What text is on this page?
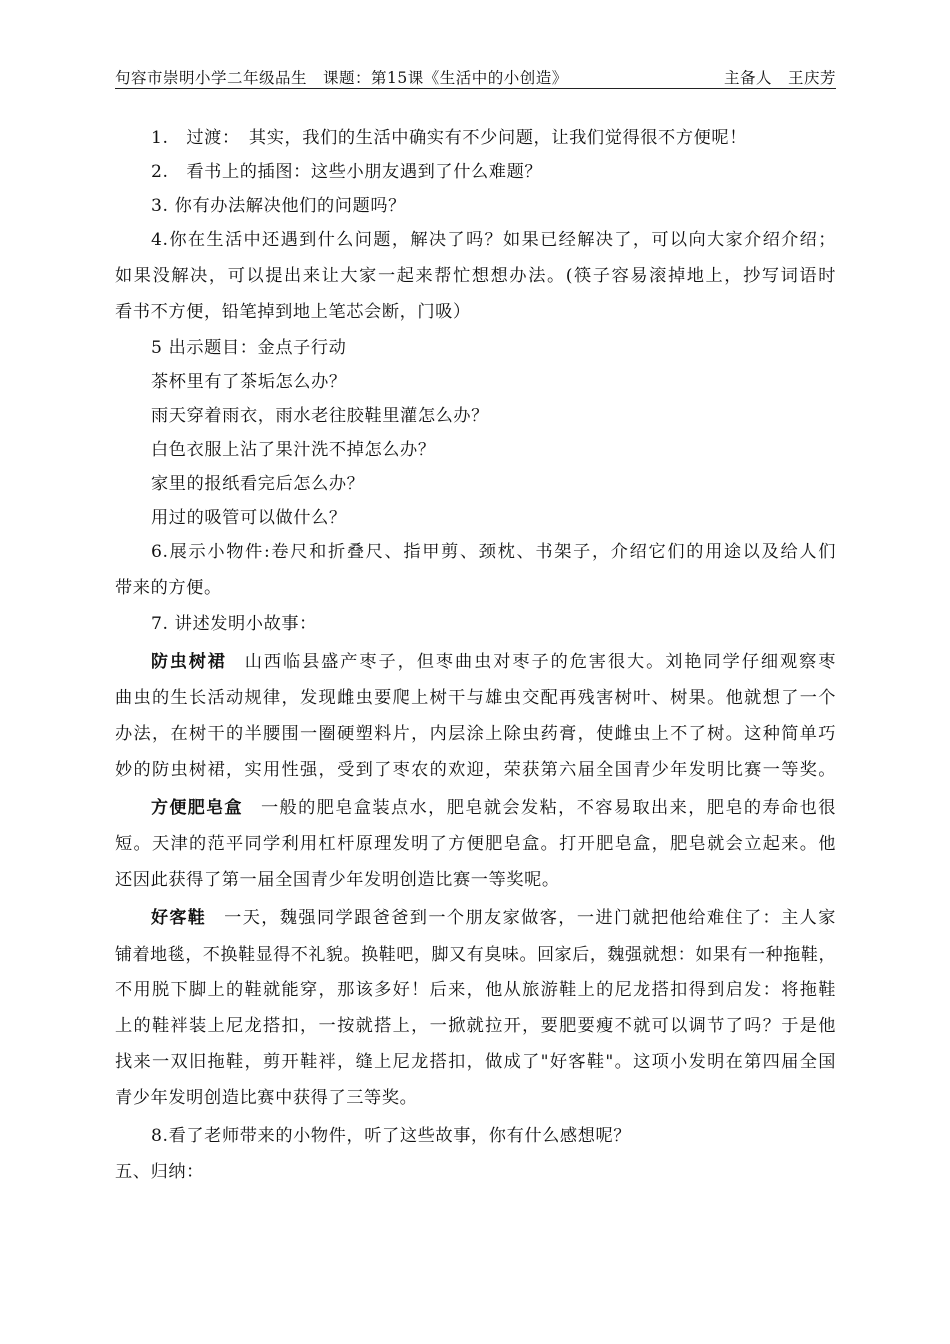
句容市崇明小学二年级品生　课题：第15课《生活中的小创造》	主备人　王庆芳
1.　过渡：　其实，我们的生活中确实有不少问题，让我们觉得很不方便呢！
2.　看书上的插图：这些小朋友遇到了什么难题？
3. 你有办法解决他们的问题吗？
4.你在生活中还遇到什么问题，解决了吗？如果已经解决了，可以向大家介绍介绍；
如果没解决，可以提出来让大家一起来帮忙想想办法。(筷子容易滚掉地上，抄写词语时
看书不方便，铅笔掉到地上笔芯会断，门吸）
5 出示题目：金点子行动
茶杯里有了茶垢怎么办？
雨天穿着雨衣，雨水老往胶鞋里灌怎么办？
白色衣服上沾了果汁洗不掉怎么办？
家里的报纸看完后怎么办？
用过的吸管可以做什么？
6.展示小物件:卷尺和折叠尺、指甲剪、颈枕、书架子，介绍它们的用途以及给人们
带来的方便。
7. 讲述发明小故事：
防虫树裙 山西临县盛产枣子，但枣曲虫对枣子的危害很大。刘艳同学仔细观察枣
曲虫的生长活动规律，发现雌虫要爬上树干与雄虫交配再残害树叶、树果。他就想了一个
办法，在树干的半腰围一圈硬塑料片，内层涂上除虫药膏，使雌虫上不了树。这种简单巧
妙的防虫树裙，实用性强，受到了枣农的欢迎，荣获第六届全国青少年发明比赛一等奖。
方便肥皂盒 一般的肥皂盒装点水，肥皂就会发粘，不容易取出来，肥皂的寿命也很
短。天津的范平同学利用杠杆原理发明了方便肥皂盒。打开肥皂盒，肥皂就会立起来。他
还因此获得了第一届全国青少年发明创造比赛一等奖呢。
好客鞋 一天，魏强同学跟爸爸到一个朋友家做客，一进门就把他给难住了：主人家
铺着地毯，不换鞋显得不礼貌。换鞋吧，脚又有臭味。回家后，魏强就想：如果有一种拖鞋，
不用脱下脚上的鞋就能穿，那该多好！后来，他从旅游鞋上的尼龙搭扣得到启发：将拖鞋
上的鞋袢装上尼龙搭扣，一按就搭上，一掀就拉开，要肥要瘦不就可以调节了吗？于是他
找来一双旧拖鞋，剪开鞋袢，缝上尼龙搭扣，做成了"好客鞋"。这项小发明在第四届全国
青少年发明创造比赛中获得了三等奖。
8.看了老师带来的小物件，听了这些故事，你有什么感想呢？
五、归纳：
